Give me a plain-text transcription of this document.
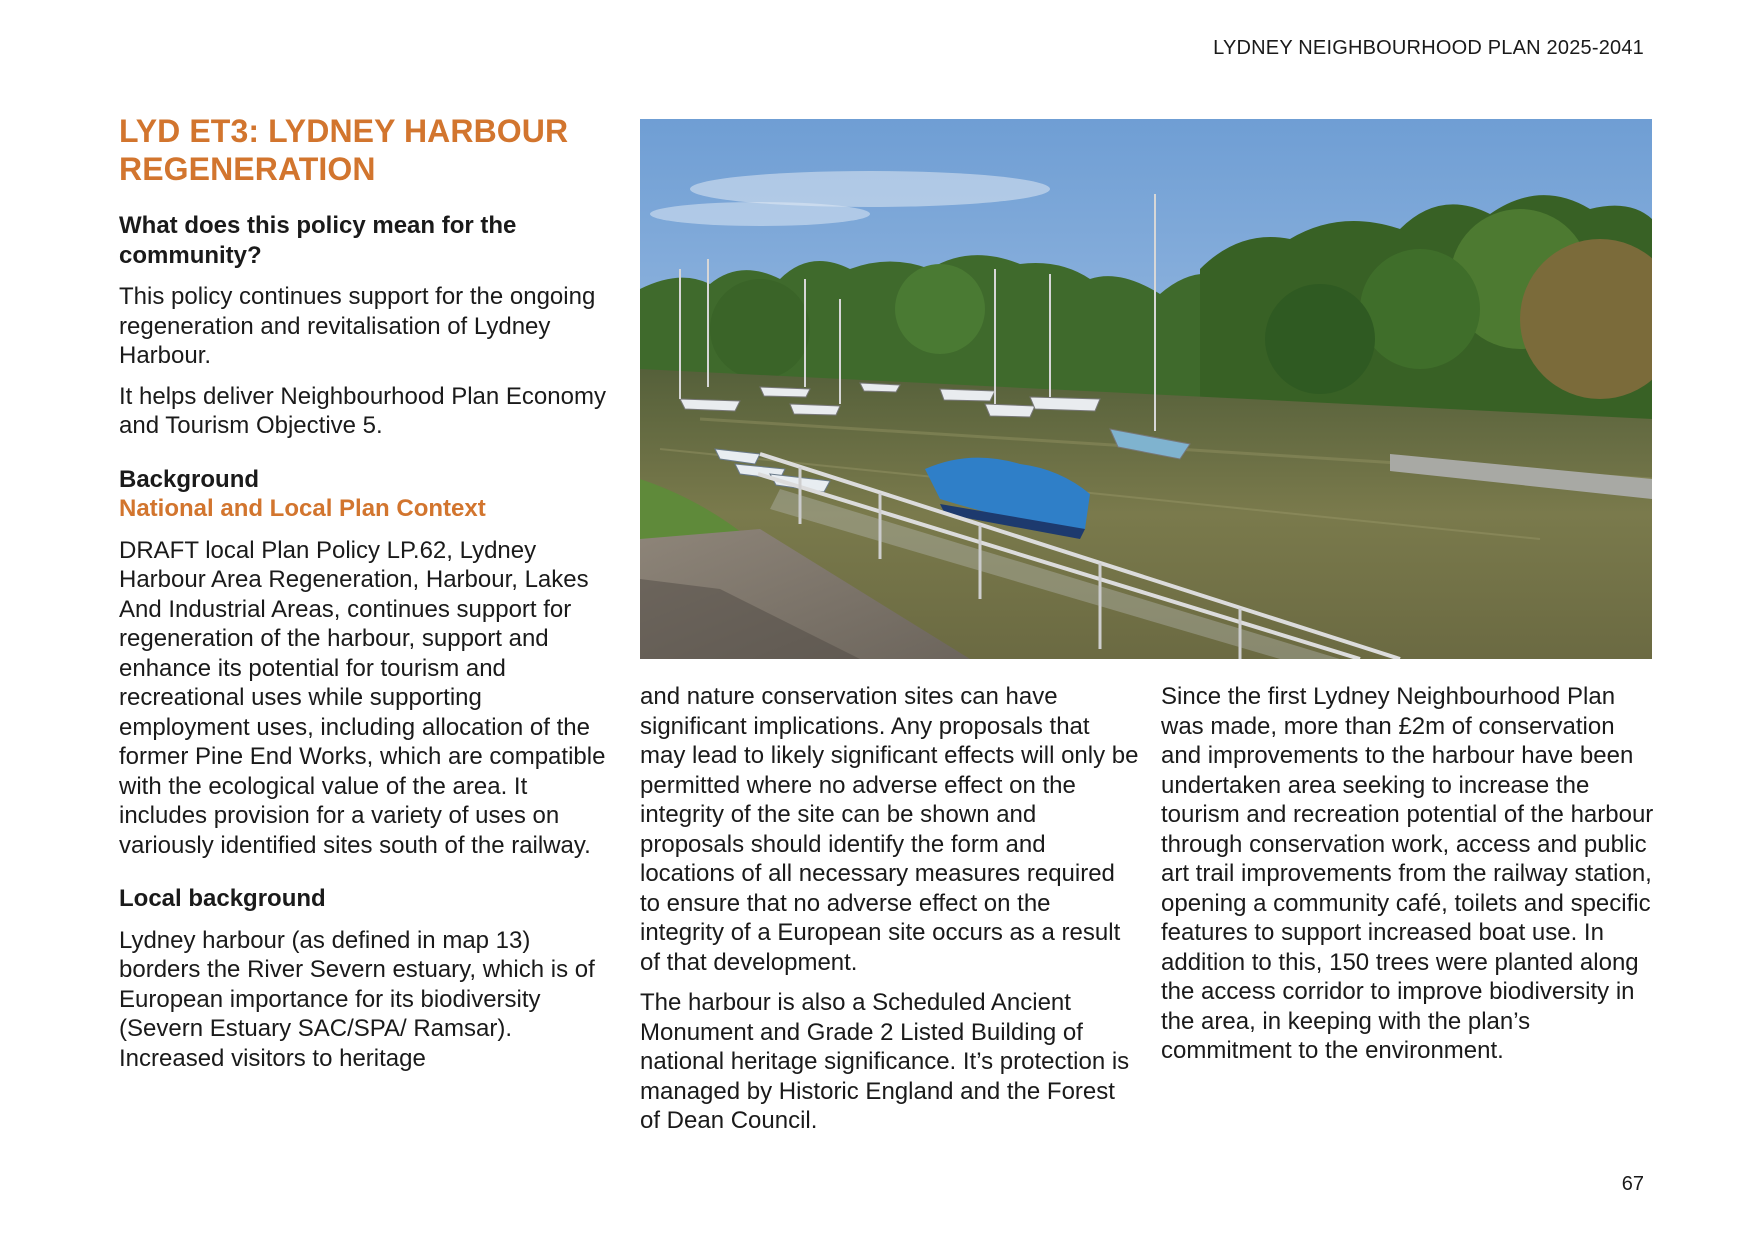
LYDNEY NEIGHBOURHOOD PLAN 2025-2041
LYD ET3: LYDNEY HARBOUR
REGENERATION
What does this policy mean for the community?

This policy continues support for the ongoing regeneration and revitalisation of Lydney Harbour.

It helps deliver Neighbourhood Plan Economy and Tourism Objective 5.

Background
National and Local Plan Context

DRAFT local Plan Policy LP.62, Lydney Harbour Area Regeneration, Harbour, Lakes And Industrial Areas, continues support for regeneration of the harbour, support and enhance its potential for tourism and recreational uses while supporting employment uses, including allocation of the former Pine End Works, which are compatible with the ecological value of the area. It includes provision for a variety of uses on variously identified sites south of the railway.

Local background

Lydney harbour (as defined in map 13) borders the River Severn estuary, which is of European importance for its biodiversity (Severn Estuary SAC/SPA/ Ramsar). Increased visitors to heritage

and nature conservation sites can have significant implications. Any proposals that may lead to likely significant effects will only be permitted where no adverse effect on the integrity of the site can be shown and proposals should identify the form and locations of all necessary measures required to ensure that no adverse effect on the integrity of a European site occurs as a result of that development.

The harbour is also a Scheduled Ancient Monument and Grade 2 Listed Building of national heritage significance. It’s protection is managed by Historic England and the Forest of Dean Council.

Since the first Lydney Neighbourhood Plan was made, more than £2m of conservation and improvements to the harbour have been undertaken area seeking to increase the tourism and recreation potential of the harbour through conservation work, access and public art trail improvements from the railway station, opening a community café, toilets and specific features to support increased boat use. In addition to this, 150 trees were planted along the access corridor to improve biodiversity in the area, in keeping with the plan’s commitment to the environment.

67
